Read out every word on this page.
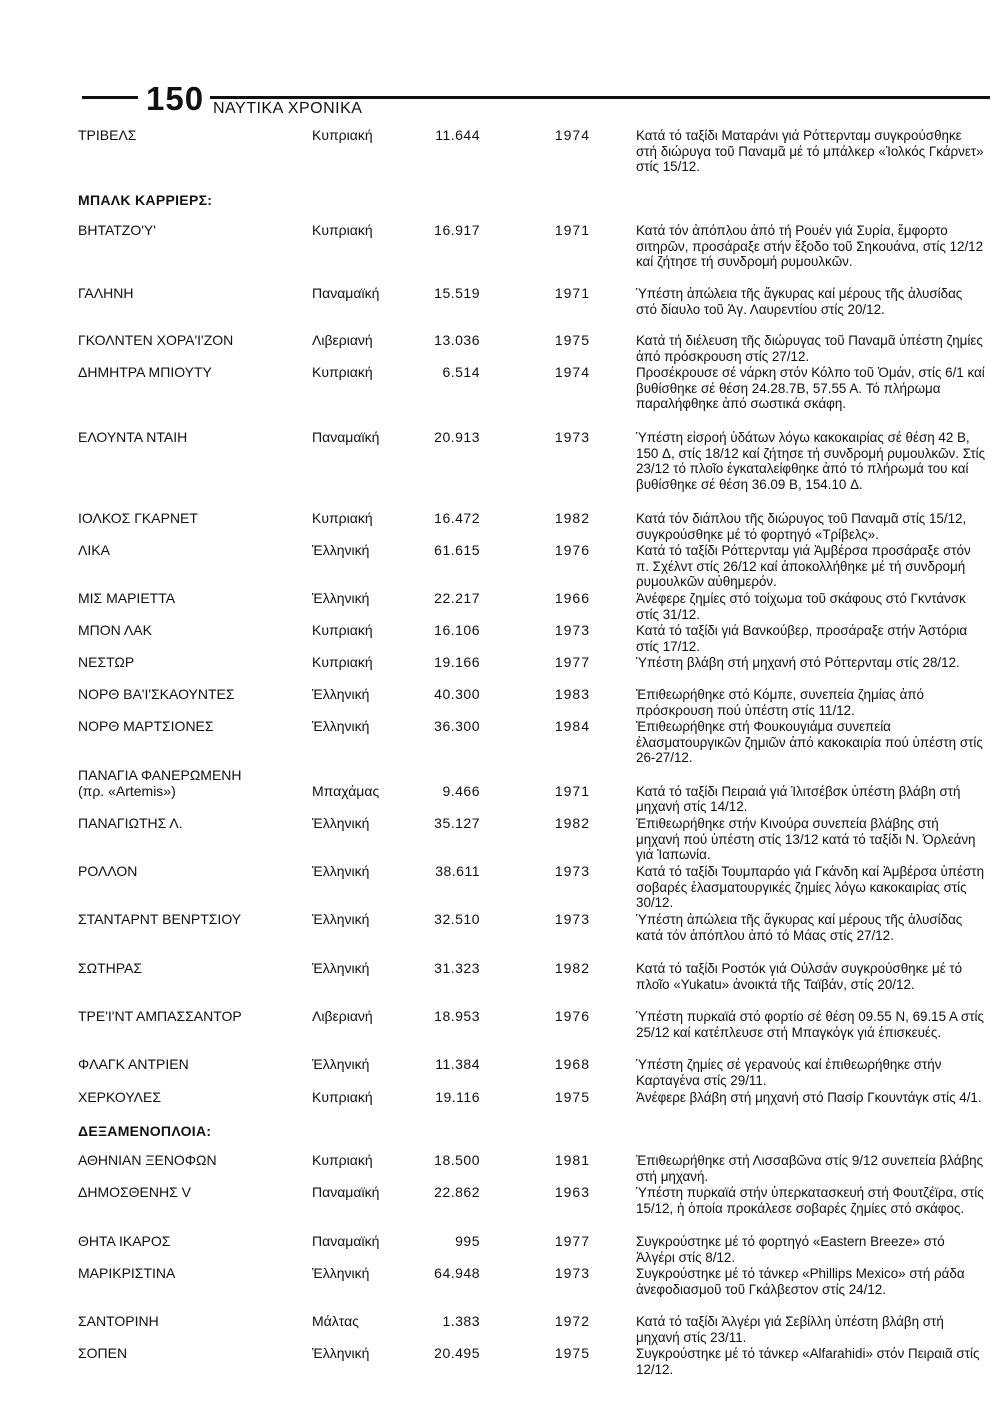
150 ΝΑΥΤΙΚΑ ΧΡΟΝΙΚΑ
ΤΡΙΒΕΛΣ	Κυπριακή	11.644	1974	Κατά τό ταξίδι Mαταράνι γιά Ρόττερνταμ συγκρούσθηκε στή διώρυγα τοῦ Παναμᾶ μέ τό μπάλκερ «Ἰολκός Γκάρνετ» στίς 15/12.
ΜΠΑΛΚ ΚΑΡΡΙΕΡΣ:
ΒΗΤΑΤΖΟ'Υ'	Κυπριακή	16.917	1971	Κατά τόν ἀπόπλου ἀπό τή Ρουέν γιά Συρία, ἔμφορτο σιτηρῶν, προσάραξε στήν ἔξοδο τοῦ Σηκουάνα, στίς 12/12 καί ζήτησε τή συνδρομή ρυμουλκῶν.
ΓΑΛΗΝΗ	Παναμαϊκή	15.519	1971	Ὑπέστη ἀπώλεια τῆς ἄγκυρας καί μέρους τῆς ἀλυσίδας στό δίαυλο τοῦ Ἁγ. Λαυρεντίου στίς 20/12.
ΓΚΟΛΝΤΕΝ ΧΟΡΑ'Ι'ΖΟΝ	Λιβεριανή	13.036	1975	Κατά τή διέλευση τῆς διώρυγας τοῦ Παναμᾶ ὑπέστη ζημίες ἀπό πρόσκρουση στίς 27/12.
ΔΗΜΗΤΡΑ ΜΠΙΟΥΤΥ	Κυπριακή	6.514	1974	Προσέκρουσε σέ νάρκη στόν Κόλπο τοῦ Ὁμάν, στίς 6/1 καί βυθίσθηκε σέ θέση 24.28.7B, 57.55 A. Τό πλήρωμα παραλήφθηκε ἀπό σωστικά σκάφη.
ΕΛΟΥΝΤΑ ΝΤΑΙΗ	Παναμαϊκή	20.913	1973	Ὑπέστη εἰσροή ὑδάτων λόγω κακοκαιρίας σέ θέση 42 B, 150 Δ, στίς 18/12 καί ζήτησε τή συνδρομή ρυμουλκῶν. Στίς 23/12 τό πλοῖο ἐγκαταλείφθηκε ἀπό τό πλήρωμά του καί βυθίσθηκε σέ θέση 36.09 B, 154.10 Δ.
ΙΟΛΚΟΣ ΓΚΑΡΝΕΤ	Κυπριακή	16.472	1982	Κατά τόν διάπλου τῆς διώρυγος τοῦ Παναμᾶ στίς 15/12, συγκρούσθηκε μέ τό φορτηγό «Τρίβελς».
ΛΙΚΑ	Ἑλληνική	61.615	1976	Κατά τό ταξίδι Ρόττερνταμ γιά Ἀμβέρσα προσάραξε στόν π. Σχέλντ στίς 26/12 καί ἀποκολλήθηκε μέ τή συνδρομή ρυμουλκῶν αὐθημερόν.
ΜΙΣ ΜΑΡΙΕΤΤΑ	Ἑλληνική	22.217	1966	Ἀνέφερε ζημίες στό τοίχωμα τοῦ σκάφους στό Γκντάνσκ στίς 31/12.
ΜΠΟΝ ΛΑΚ	Κυπριακή	16.106	1973	Κατά τό ταξίδι γιά Βανκούβερ, προσάραξε στήν Ἀστόρια στίς 17/12.
ΝΕΣΤΩΡ	Κυπριακή	19.166	1977	Ὑπέστη βλάβη στή μηχανή στό Ρόττερνταμ στίς 28/12.
ΝΟΡΘ ΒΑ'Ι'ΣΚΑΟΥΝΤΕΣ	Ἑλληνική	40.300	1983	Ἐπιθεωρήθηκε στό Κόμπε, συνεπεία ζημίας ἀπό πρόσκρουση πού ὑπέστη στίς 11/12.
ΝΟΡΘ ΜΑΡΤΣΙΟΝΕΣ	Ἑλληνική	36.300	1984	Ἐπιθεωρήθηκε στή Φουκουγιάμα συνεπεία ἐλασματουργικῶν ζημιῶν ἀπό κακοκαιρία πού ὑπέστη στίς 26-27/12.
ΠΑΝΑΓΙΑ ΦΑΝΕΡΩΜΕΝΗ
(πρ. «Artemis»)	Μπαχάμας	9.466	1971	Κατά τό ταξίδι Πειραιά γιά Ἰλιτσέβσκ ὑπέστη βλάβη στή μηχανή στίς 14/12.
ΠΑΝΑΓΙΩΤΗΣ Λ.	Ἑλληνική	35.127	1982	Ἐπιθεωρήθηκε στήν Κινούρα συνεπεία βλάβης στή μηχανή πού ὑπέστη στίς 13/12 κατά τό ταξίδι N. Ὀρλεάνη γιά Ἰαπωνία.
ΡΟΛΛΟΝ	Ἑλληνική	38.611	1973	Κατά τό ταξίδι Τουμπαράο γιά Γκάνδη καί Ἀμβέρσα ὑπέστη σοβαρές ἐλασματουργικές ζημίες λόγω κακοκαιρίας στίς 30/12.
ΣΤΑΝΤΑΡΝΤ ΒΕΝΡΤΣΙΟΥ	Ἑλληνική	32.510	1973	Ὑπέστη ἀπώλεια τῆς ἄγκυρας καί μέρους τῆς ἀλυσίδας κατά τόν ἀπόπλου ἀπό τό Μάας στίς 27/12.
ΣΩΤΗΡΑΣ	Ἑλληνική	31.323	1982	Κατά τό ταξίδι Ροστόκ γιά Οὐλσάν συγκρούσθηκε μέ τό πλοῖο «Yukatu» ἀνοικτά τῆς Ταϊβάν, στίς 20/12.
ΤΡΕ'Ι'ΝΤ ΑΜΠΑΣΣΑΝΤΟΡ	Λιβεριανή	18.953	1976	Ὑπέστη πυρκαϊά στό φορτίο σέ θέση 09.55 N, 69.15 A στίς 25/12 καί κατέπλευσε στή Μπαγκόγκ γιά ἐπισκευές.
ΦΛΑΓΚ ΑΝΤΡΙΕΝ	Ἑλληνική	11.384	1968	Ὑπέστη ζημίες σέ γερανούς καί ἐπιθεωρήθηκε στήν Καρταγένα στίς 29/11.
ΧΕΡΚΟΥΛΕΣ	Κυπριακή	19.116	1975	Ἀνέφερε βλάβη στή μηχανή στό Πασίρ Γκουντάγκ στίς 4/1.
ΔΕΞΑΜΕΝΟΠΛΟΙΑ:
ΑΘΗΝΙΑΝ ΞΕΝΟΦΩΝ	Κυπριακή	18.500	1981	Ἐπιθεωρήθηκε στή Λισσαβῶνα στίς 9/12 συνεπεία βλάβης στή μηχανή.
ΔΗΜΟΣΘΕΝΗΣ V	Παναμαϊκή	22.862	1963	Ὑπέστη πυρκαϊά στήν ὑπερκατασκευή στή Φουτζέϊρα, στίς 15/12, ἡ ὁποία προκάλεσε σοβαρές ζημίες στό σκάφος.
ΘΗΤΑ ΙΚΑΡΟΣ	Παναμαϊκή	995	1977	Συγκρούστηκε μέ τό φορτηγό «Eastern Breeze» στό Ἀλγέρι στίς 8/12.
ΜΑΡΙΚΡΙΣΤΙΝΑ	Ἑλληνική	64.948	1973	Συγκρούστηκε μέ τό τάνκερ «Phillips Mexico» στή ράδα ἀνεφοδιασμοῦ τοῦ Γκάλβεστον στίς 24/12.
ΣΑΝΤΟΡΙΝΗ	Μάλτας	1.383	1972	Κατά τό ταξίδι Ἀλγέρι γιά Σεβίλλη ὑπέστη βλάβη στή μηχανή στίς 23/11.
ΣΟΠΕΝ	Ἑλληνική	20.495	1975	Συγκρούστηκε μέ τό τάνκερ «Alfarahidi» στόν Πειραιᾶ στίς 12/12.
